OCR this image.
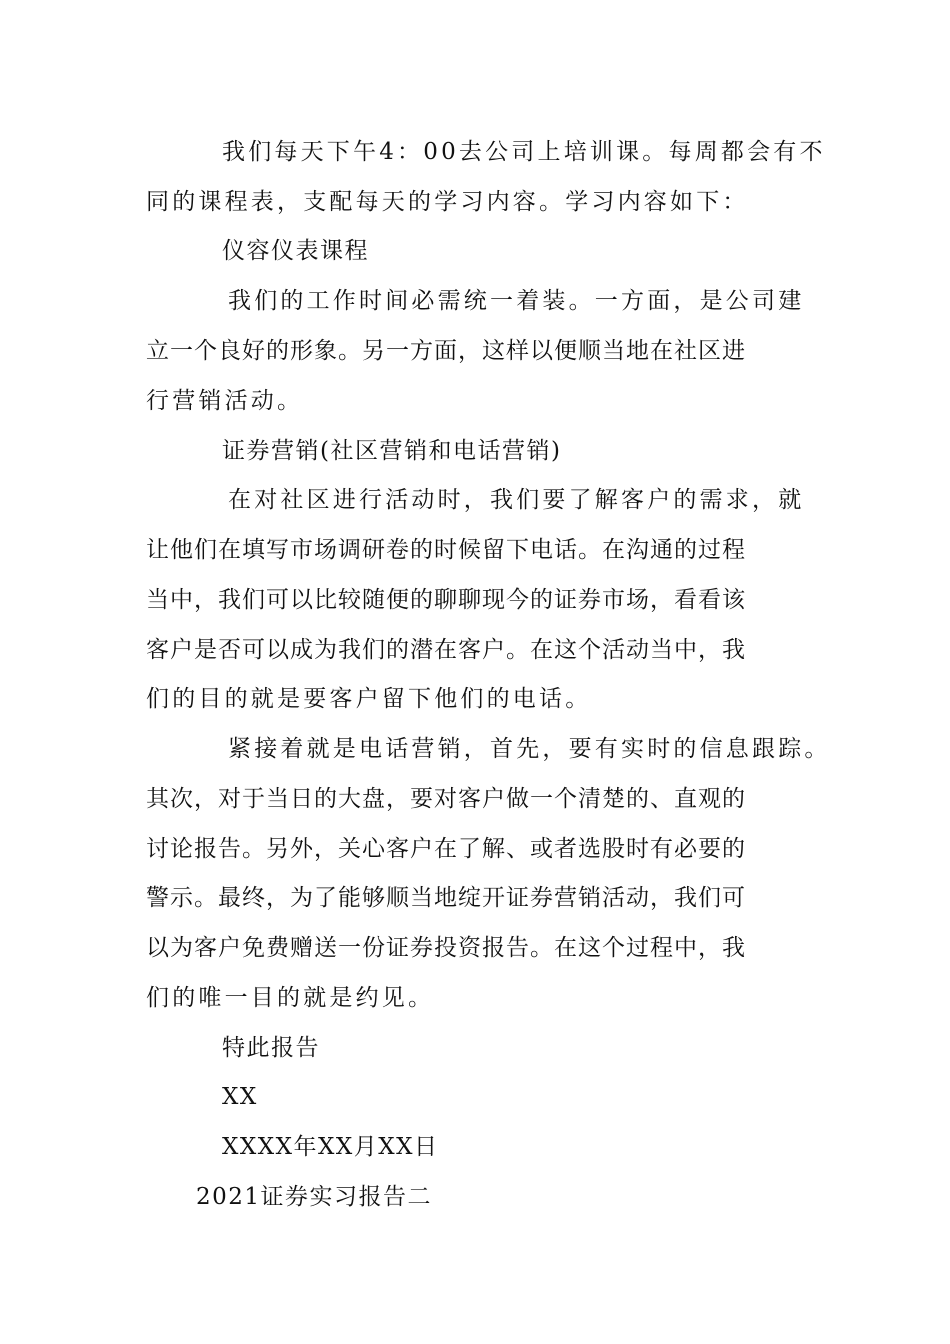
我们每天下午4：00去公司上培训课。每周都会有不
同的课程表，支配每天的学习内容。学习内容如下：
仪容仪表课程
我们的工作时间必需统一着装。一方面，是公司建
立一个良好的形象。另一方面，这样以便顺当地在社区进
行营销活动。
证券营销(社区营销和电话营销)
在对社区进行活动时，我们要了解客户的需求，就
让他们在填写市场调研卷的时候留下电话。在沟通的过程
当中，我们可以比较随便的聊聊现今的证券市场，看看该
客户是否可以成为我们的潜在客户。在这个活动当中，我
们的目的就是要客户留下他们的电话。
紧接着就是电话营销，首先，要有实时的信息跟踪。
其次，对于当日的大盘，要对客户做一个清楚的、直观的
讨论报告。另外，关心客户在了解、或者选股时有必要的
警示。最终，为了能够顺当地绽开证券营销活动，我们可
以为客户免费赠送一份证券投资报告。在这个过程中，我
们的唯一目的就是约见。
特此报告
XX
XXXX年XX月XX日
2021证券实习报告二
